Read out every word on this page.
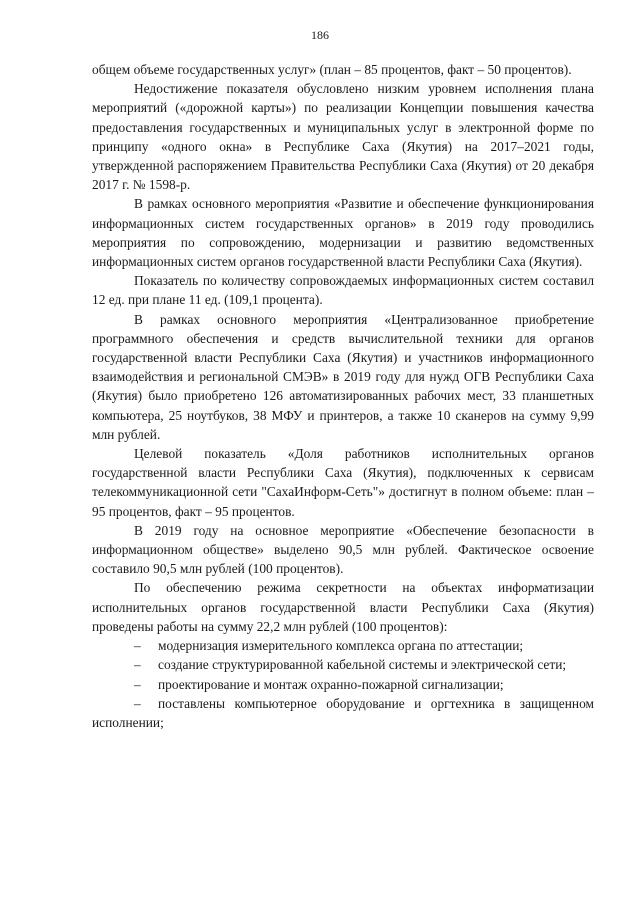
186

общем объеме государственных услуг» (план – 85 процентов, факт – 50 процентов).

Недостижение показателя обусловлено низким уровнем исполнения плана мероприятий («дорожной карты») по реализации Концепции повышения качества предоставления государственных и муниципальных услуг в электронной форме по принципу «одного окна» в Республике Саха (Якутия) на 2017–2021 годы, утвержденной распоряжением Правительства Республики Саха (Якутия) от 20 декабря 2017 г. № 1598-р.

В рамках основного мероприятия «Развитие и обеспечение функционирования информационных систем государственных органов» в 2019 году проводились мероприятия по сопровождению, модернизации и развитию ведомственных информационных систем органов государственной власти Республики Саха (Якутия).

Показатель по количеству сопровождаемых информационных систем составил 12 ед. при плане 11 ед. (109,1 процента).

В рамках основного мероприятия «Централизованное приобретение программного обеспечения и средств вычислительной техники для органов государственной власти Республики Саха (Якутия) и участников информационного взаимодействия и региональной СМЭВ» в 2019 году для нужд ОГВ Республики Саха (Якутия) было приобретено 126 автоматизированных рабочих мест, 33 планшетных компьютера, 25 ноутбуков, 38 МФУ и принтеров, а также 10 сканеров на сумму 9,99 млн рублей.

Целевой показатель «Доля работников исполнительных органов государственной власти Республики Саха (Якутия), подключенных к сервисам телекоммуникационной сети "СахаИнформ-Сеть"» достигнут в полном объеме: план – 95 процентов, факт – 95 процентов.

В 2019 году на основное мероприятие «Обеспечение безопасности в информационном обществе» выделено 90,5 млн рублей. Фактическое освоение составило 90,5 млн рублей (100 процентов).

По обеспечению режима секретности на объектах информатизации исполнительных органов государственной власти Республики Саха (Якутия) проведены работы на сумму 22,2 млн рублей (100 процентов):

– модернизация измерительного комплекса органа по аттестации;

– создание структурированной кабельной системы и электрической сети;

– проектирование и монтаж охранно-пожарной сигнализации;

– поставлены компьютерное оборудование и оргтехника в защищенном исполнении;
